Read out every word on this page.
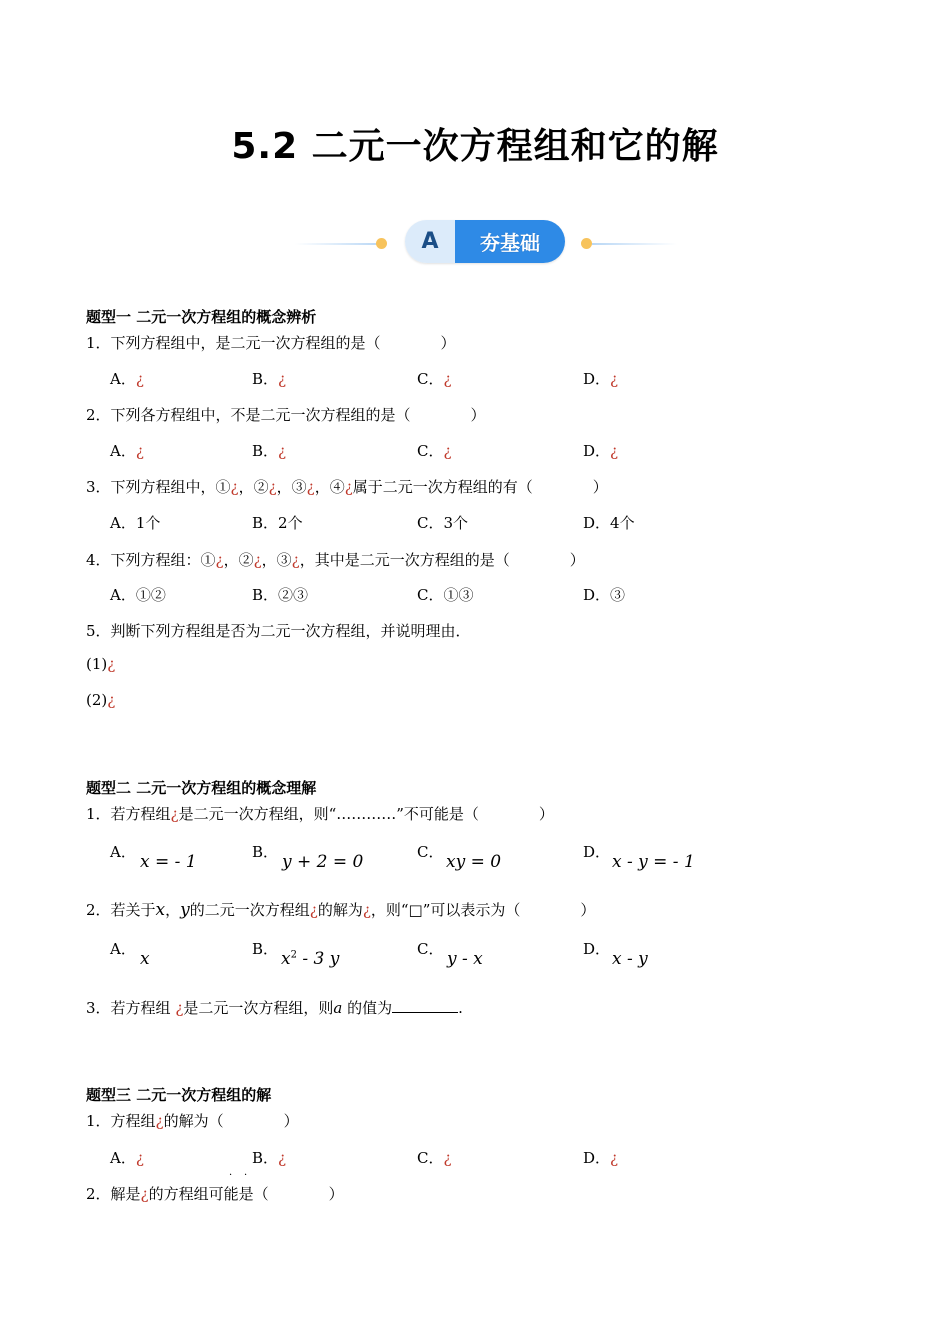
5.2 二元一次方程组和它的解
A	夯基础
题型一 二元一次方程组的概念辨析
1．下列方程组中，是二元一次方程组的是（　　　　）
A．¿	B．¿	C．¿	D．¿
2．下列各方程组中，不是二元一次方程组的是（　　　　）
A．¿	B．¿	C．¿	D．¿
3．下列方程组中，①¿，②¿，③¿，④¿属于二元一次方程组的有（　　　　）
A．1个	B．2个	C．3个	D．4个
4．下列方程组：①¿，②¿，③¿，其中是二元一次方程组的是（　　　　）
A．①②	B．②③	C．①③	D．③
5．判断下列方程组是否为二元一次方程组，并说明理由．
(1)¿
(2)¿
题型二 二元一次方程组的概念理解
1．若方程组¿是二元一次方程组，则“…………”不可能是（　　　　）
A． x = - 1	B． y + 2 = 0	C． xy = 0	D． x - y = - 1
2．若关于x，y的二元一次方程组¿的解为¿，则“□”可以表示为（　　　　）
A． x	B． $x^2 - 3$ y	C． y - x	D． x - y
3．若方程组 ¿是二元一次方程组，则a 的值为	.
题型三 二元一次方程组的解
1．方程组¿的解为（　　　　）
A．¿	B．¿	C．¿	D．¿
· ·
2．解是¿的方程组可能是（　　　　）
